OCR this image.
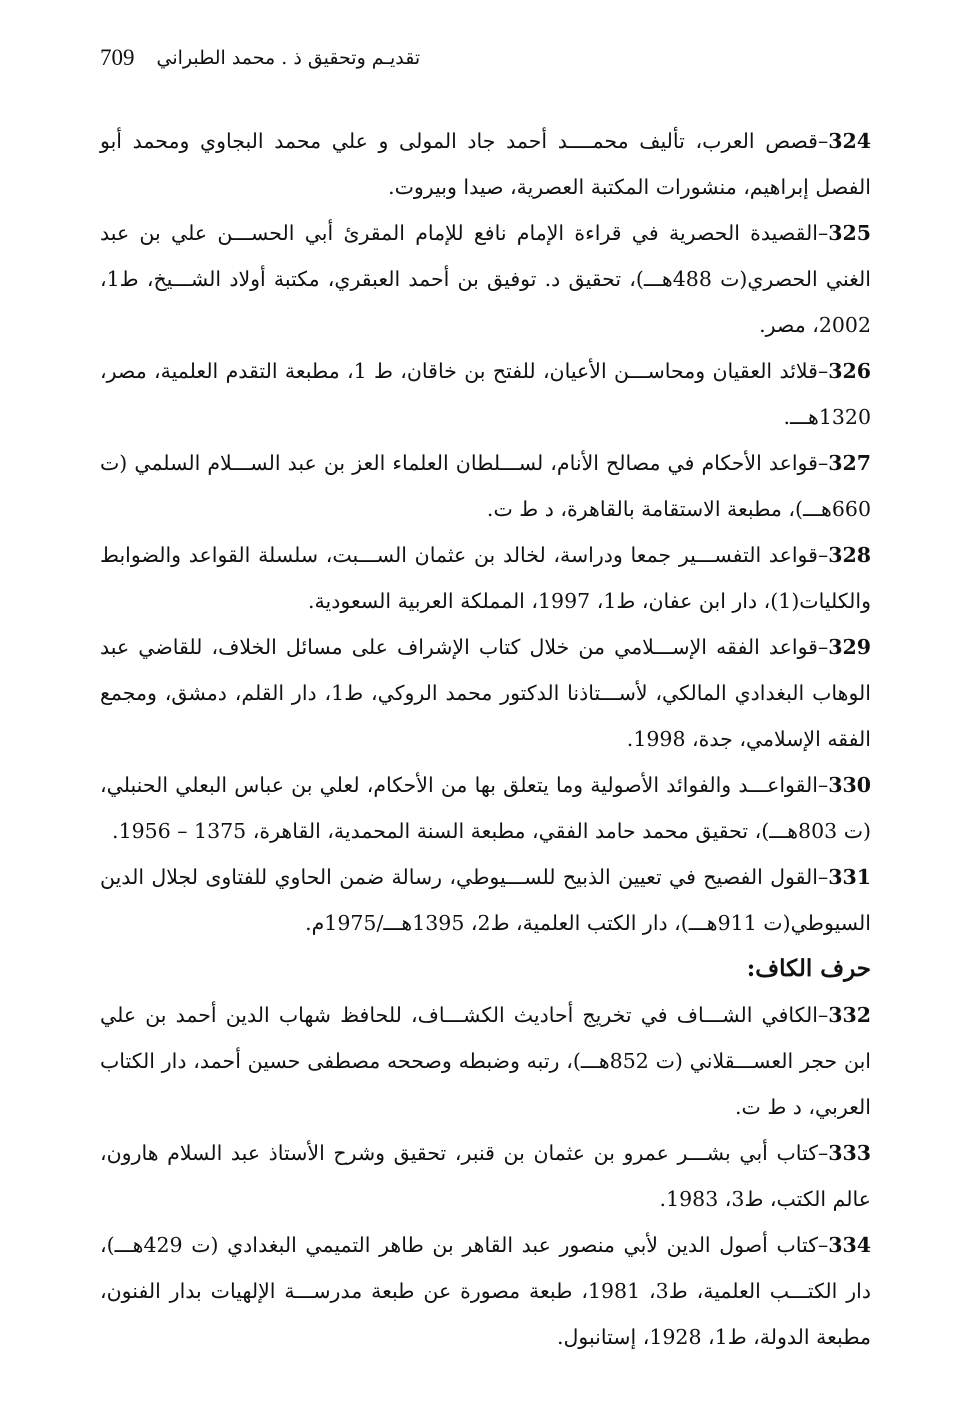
709 تقديـم وتحقيق ذ . محمد الطبراني

324–قصص العرب، تأليف محمــــد أحمد جاد المولى و علي محمد البجاوي ومحمد أبو الفصل إبراهيم، منشورات المكتبة العصرية، صيدا وبيروت.

325–القصيدة الحصرية في قراءة الإمام نافع للإمام المقرئ أبي الحســـن علي بن عبد الغني الحصري(ت 488هـــ)، تحقيق د. توفيق بن أحمد العبقري، مكتبة أولاد الشـــيخ، ط1، 2002، مصر.

326–قلائد العقيان ومحاســـن الأعيان، للفتح بن خاقان، ط 1، مطبعة التقدم العلمية، مصر، 1320هـــ.

327–قواعد الأحكام في مصالح الأنام، لســـلطان العلماء العز بن عبد الســـلام السلمي (ت 660هـــ)، مطبعة الاستقامة بالقاهرة، د ط ت.

328–قواعد التفســـير جمعا ودراسة، لخالد بن عثمان الســـبت، سلسلة القواعد والضوابط والكليات(1)، دار ابن عفان، ط1، 1997، المملكة العربية السعودية.

329–قواعد الفقه الإســـلامي من خلال كتاب الإشراف على مسائل الخلاف، للقاضي عبد الوهاب البغدادي المالكي، لأســـتاذنا الدكتور محمد الروكي، ط1، دار القلم، دمشق، ومجمع الفقه الإسلامي، جدة، 1998.

330–القواعـــد والفوائد الأصولية وما يتعلق بها من الأحكام، لعلي بن عباس البعلي الحنبلي، (ت 803هـــ)، تحقيق محمد حامد الفقي، مطبعة السنة المحمدية، القاهرة، 1375 – 1956.

331–القول الفصيح في تعيين الذبيح للســـيوطي، رسالة ضمن الحاوي للفتاوى لجلال الدين السيوطي(ت 911هـــ)، دار الكتب العلمية، ط2، 1395هـــ/1975م.

حرف الكاف:

332–الكافي الشـــاف في تخريج أحاديث الكشـــاف، للحافظ شهاب الدين أحمد بن علي ابن حجر العســـقلاني (ت 852هـــ)، رتبه وضبطه وصححه مصطفى حسين أحمد، دار الكتاب العربي، د ط ت.

333–كتاب أبي بشـــر عمرو بن عثمان بن قنبر، تحقيق وشرح الأستاذ عبد السلام هارون، عالم الكتب، ط3، 1983.

334–كتاب أصول الدين لأبي منصور عبد القاهر بن طاهر التميمي البغدادي (ت 429هـــ)، دار الكتـــب العلمية، ط3، 1981، طبعة مصورة عن طبعة مدرســـة الإلهيات بدار الفنون، مطبعة الدولة، ط1، 1928، إستانبول.
